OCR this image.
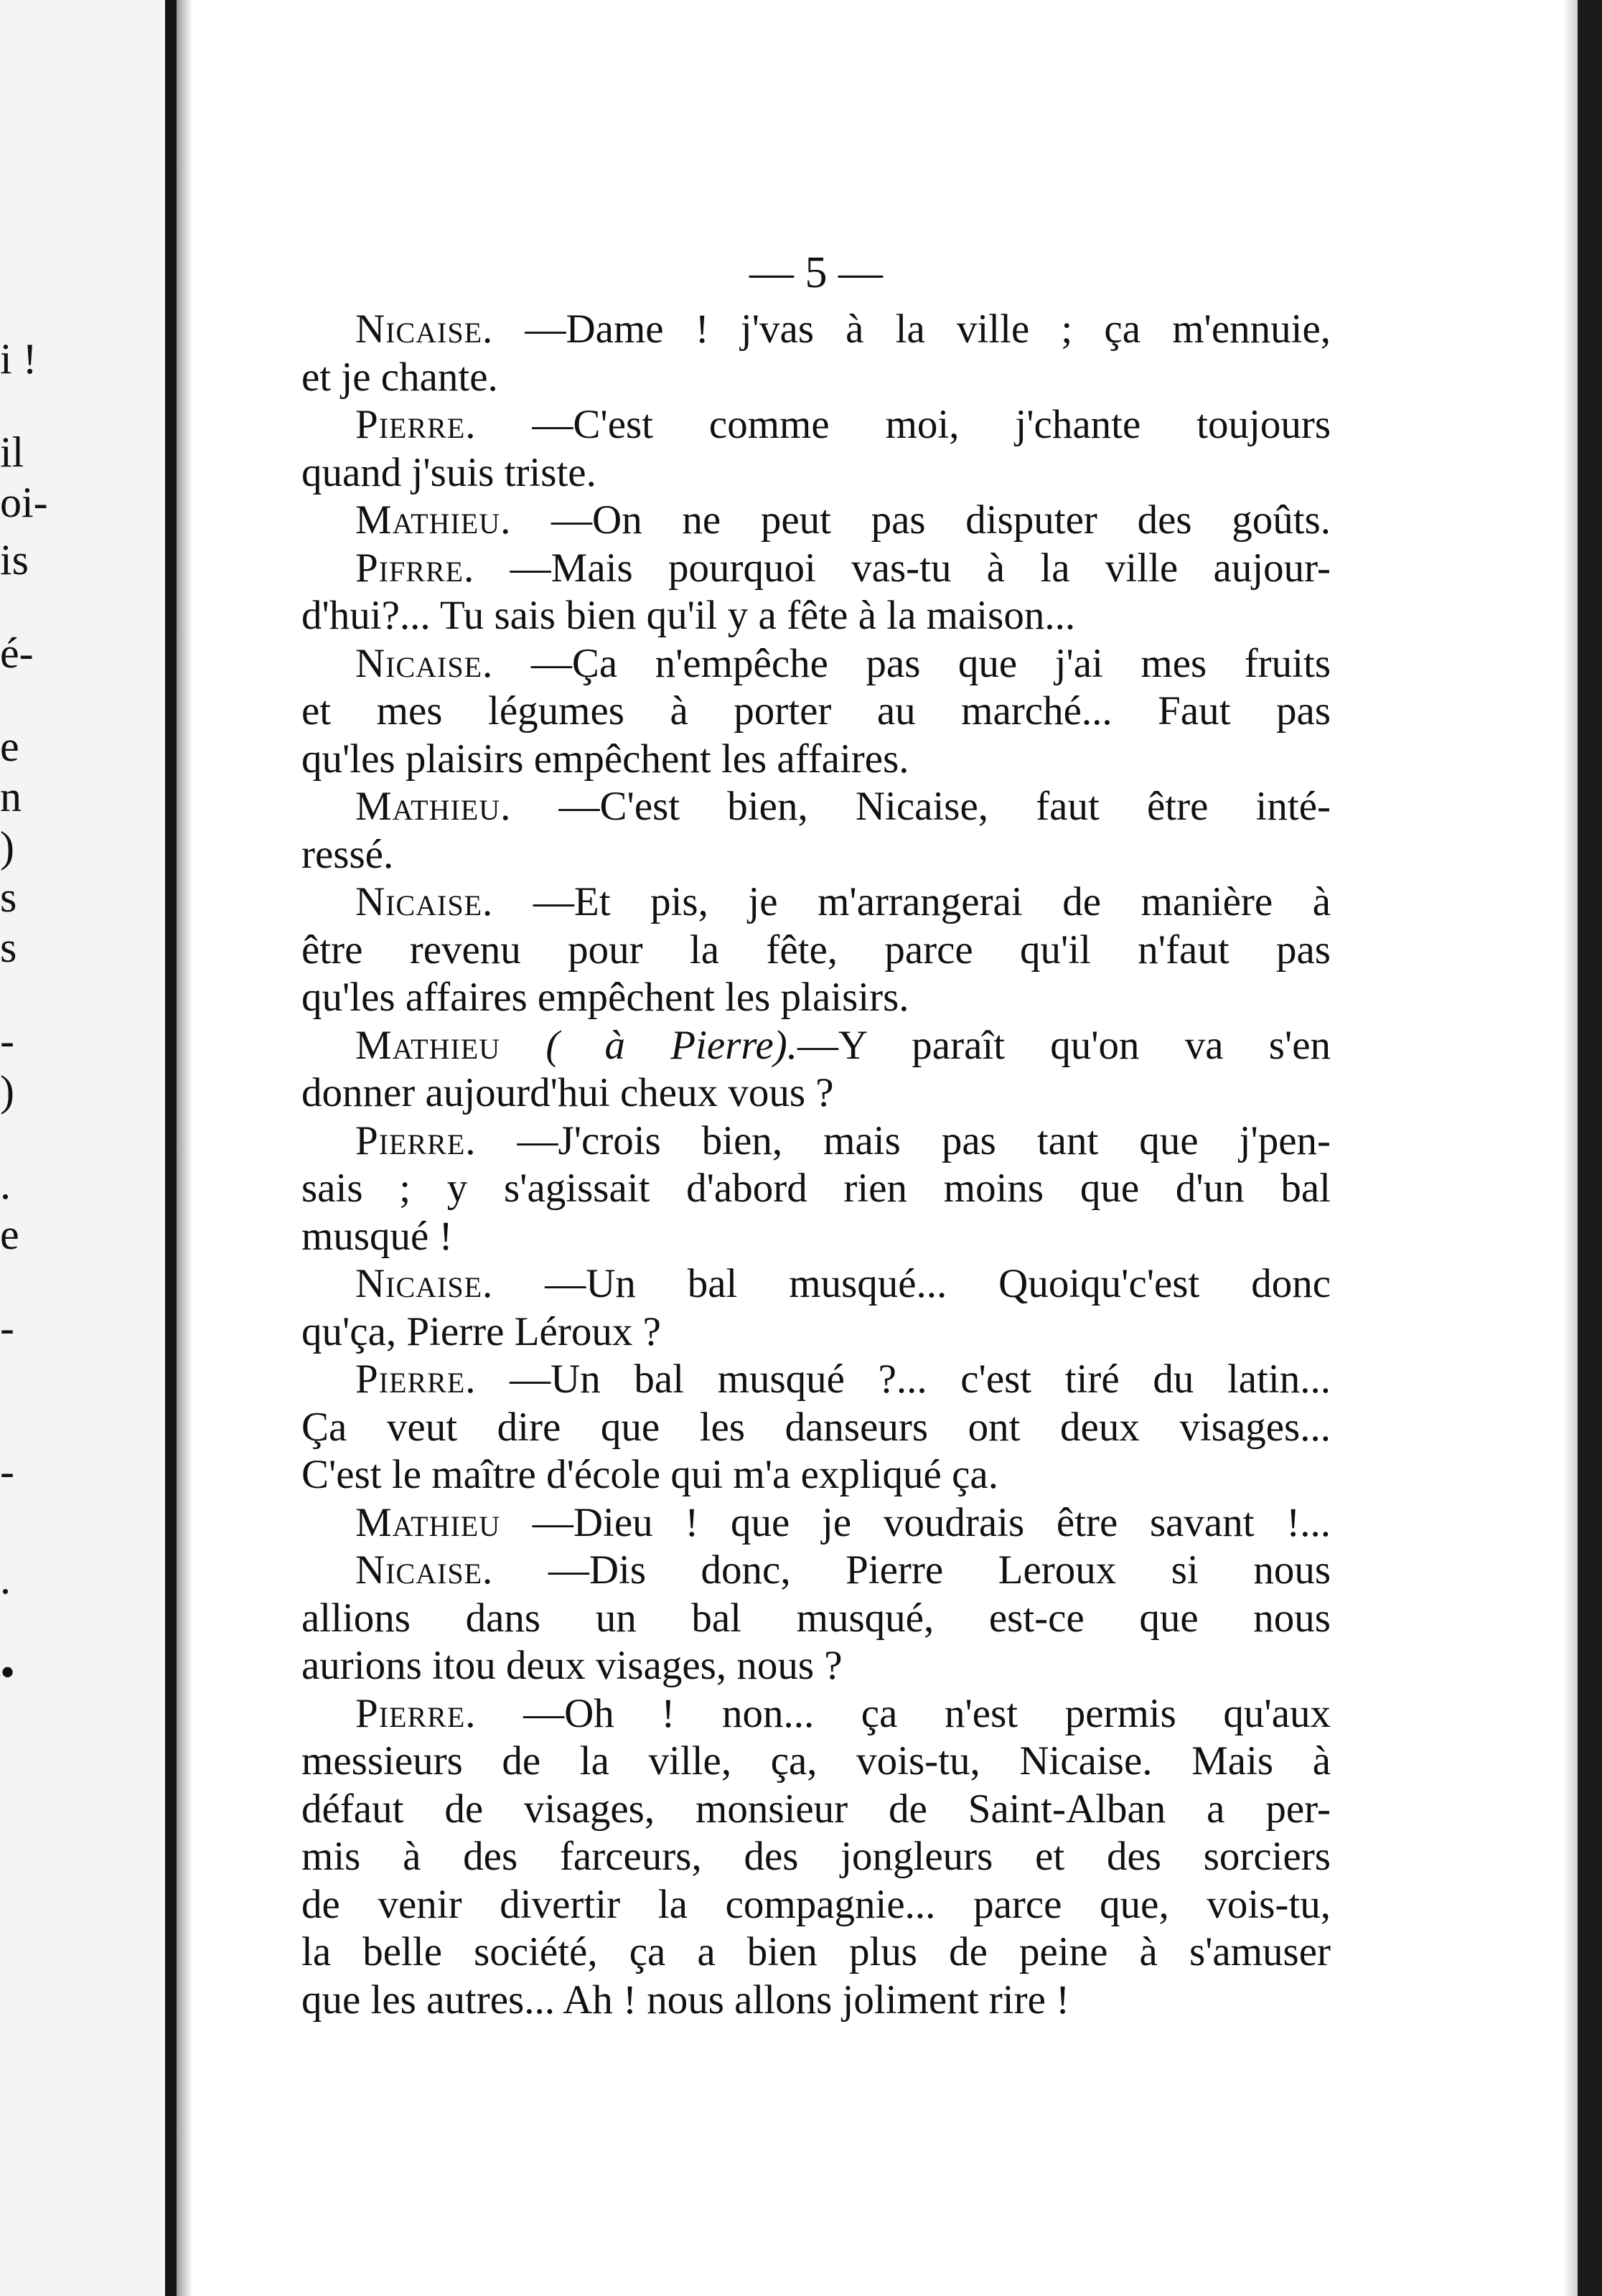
i !
il
oi-
is
é-
e
n
)
s
s
-
)
.
e
-
-
.
•
— 5 —
Nicaise. —Dame ! j'vas à la ville ; ça m'ennuie,
et je chante.
Pierre. —C'est comme moi, j'chante toujours
quand j'suis triste.
Mathieu. —On ne peut pas disputer des goûts.
Pifrre. —Mais pourquoi vas-tu à la ville aujour-
d'hui?... Tu sais bien qu'il y a fête à la maison...
Nicaise. —Ça n'empêche pas que j'ai mes fruits
et mes légumes à porter au marché... Faut pas
qu'les plaisirs empêchent les affaires.
Mathieu. —C'est bien, Nicaise, faut être inté-
ressé.
Nicaise. —Et pis, je m'arrangerai de manière à
être revenu pour la fête, parce qu'il n'faut pas
qu'les affaires empêchent les plaisirs.
Mathieu ( à Pierre).—Y paraît qu'on va s'en
donner aujourd'hui cheux vous ?
Pierre. —J'crois bien, mais pas tant que j'pen-
sais ; y s'agissait d'abord rien moins que d'un bal
musqué !
Nicaise. —Un bal musqué... Quoiqu'c'est donc
qu'ça, Pierre Léroux ?
Pierre. —Un bal musqué ?... c'est tiré du latin...
Ça veut dire que les danseurs ont deux visages...
C'est le maître d'école qui m'a expliqué ça.
Mathieu —Dieu ! que je voudrais être savant !...
Nicaise. —Dis donc, Pierre Leroux si nous
allions dans un bal musqué, est-ce que nous
aurions itou deux visages, nous ?
Pierre. —Oh ! non... ça n'est permis qu'aux
messieurs de la ville, ça, vois-tu, Nicaise. Mais à
défaut de visages, monsieur de Saint-Alban a per-
mis à des farceurs, des jongleurs et des sorciers
de venir divertir la compagnie... parce que, vois-tu,
la belle société, ça a bien plus de peine à s'amuser
que les autres... Ah ! nous allons joliment rire !
